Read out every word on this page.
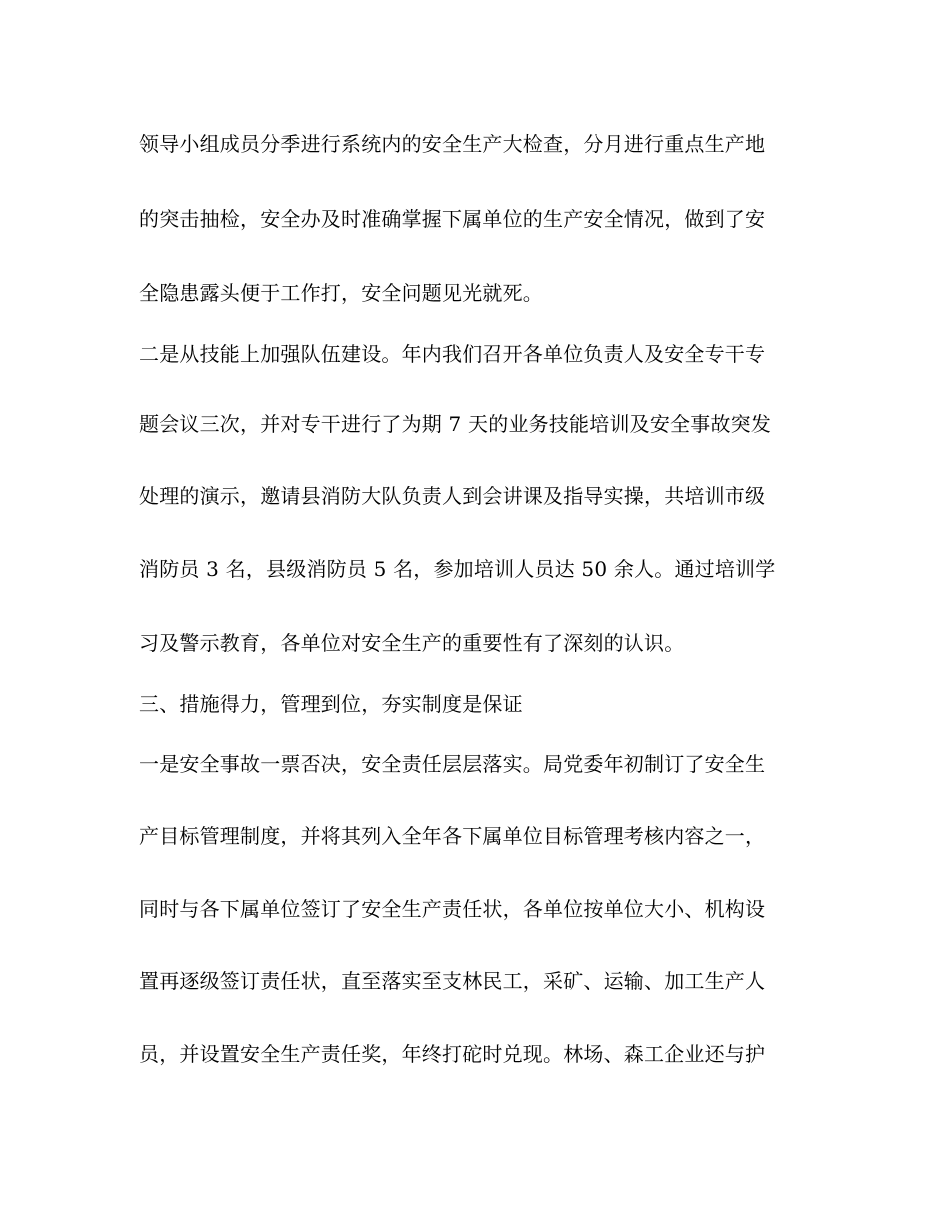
领导小组成员分季进行系统内的安全生产大检查，分月进行重点生产地
的突击抽检，安全办及时准确掌握下属单位的生产安全情况，做到了安
全隐患露头便于工作打，安全问题见光就死。
二是从技能上加强队伍建设。年内我们召开各单位负责人及安全专干专
题会议三次，并对专干进行了为期 7 天的业务技能培训及安全事故突发
处理的演示，邀请县消防大队负责人到会讲课及指导实操，共培训市级
消防员 3 名，县级消防员 5 名，参加培训人员达 50 余人。通过培训学
习及警示教育，各单位对安全生产的重要性有了深刻的认识。
三、措施得力，管理到位，夯实制度是保证
一是安全事故一票否决，安全责任层层落实。局党委年初制订了安全生
产目标管理制度，并将其列入全年各下属单位目标管理考核内容之一，
同时与各下属单位签订了安全生产责任状，各单位按单位大小、机构设
置再逐级签订责任状，直至落实至支林民工，采矿、运输、加工生产人
员，并设置安全生产责任奖，年终打砣时兑现。林场、森工企业还与护
